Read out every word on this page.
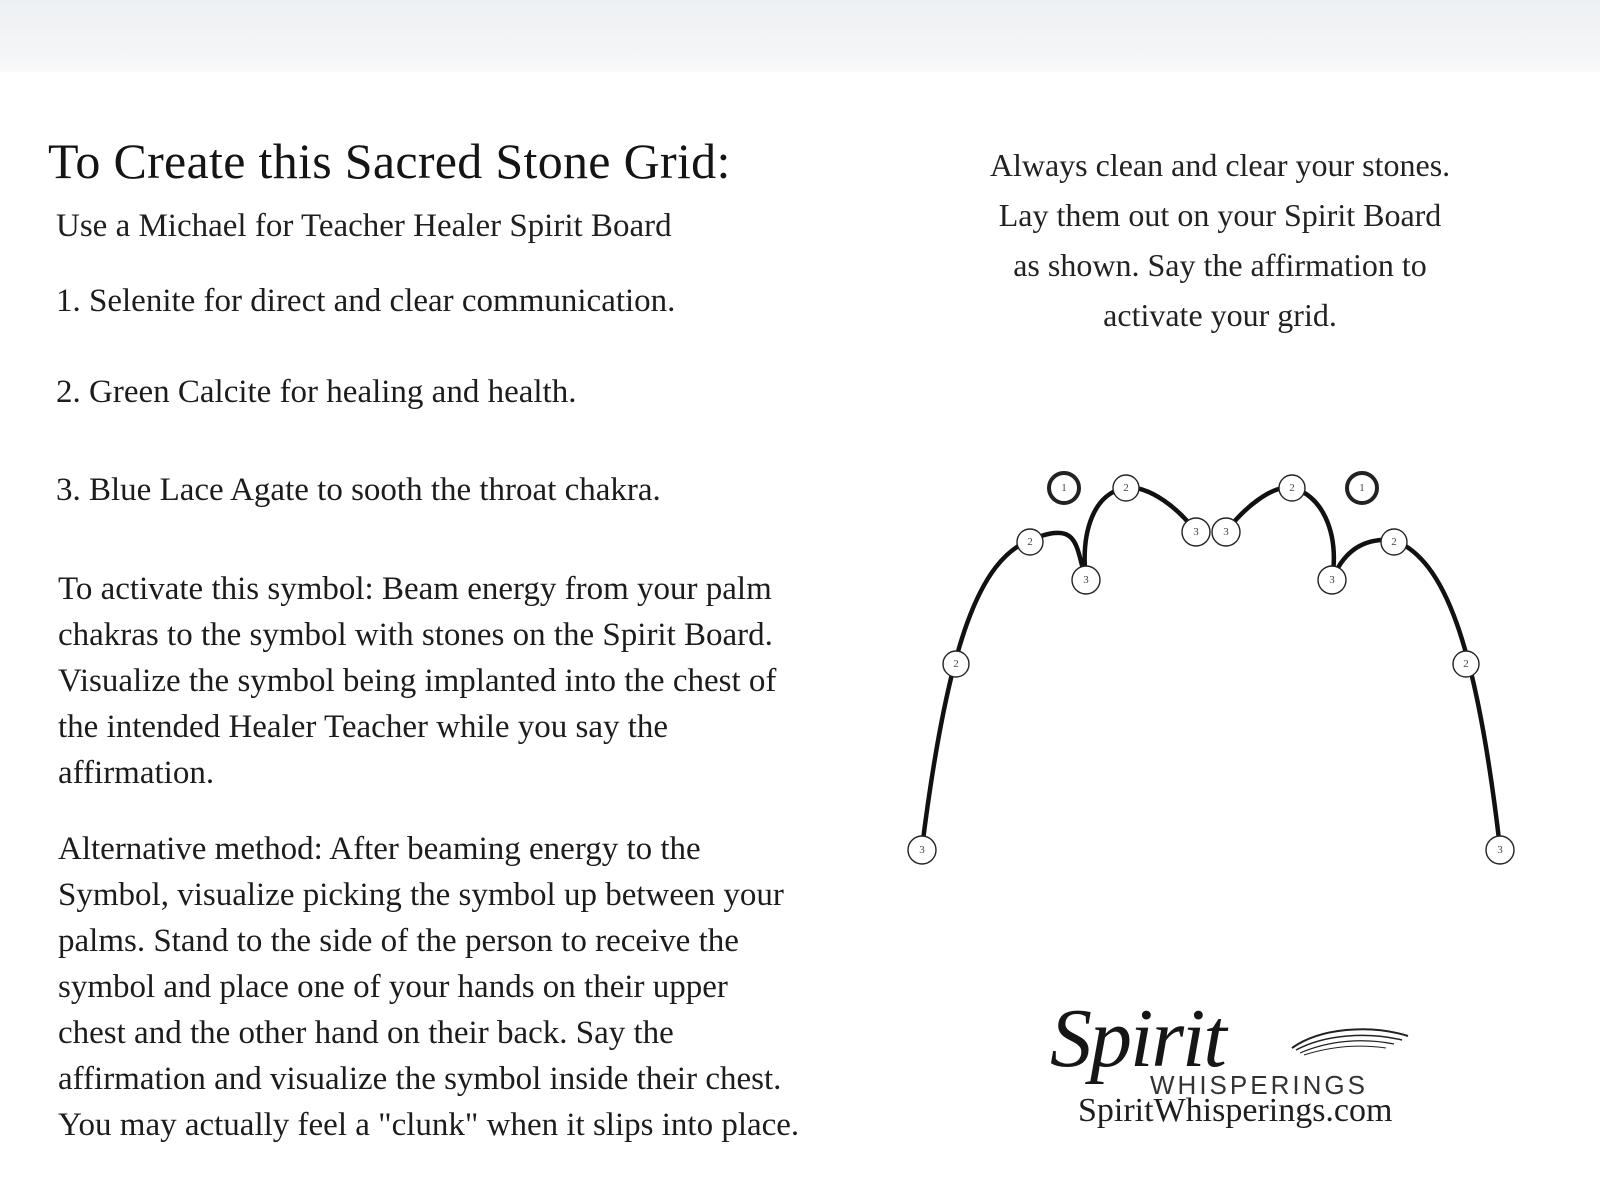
To Create this Sacred Stone Grid:

Use a Michael for Teacher Healer Spirit Board

1. Selenite for direct and clear communication.

2. Green Calcite for healing and health.

3. Blue Lace Agate to sooth the throat chakra.

To activate this symbol: Beam energy from your palm
chakras to the symbol with stones on the Spirit Board.
Visualize the symbol being implanted into the chest of
the intended Healer Teacher while you say the
affirmation.

Alternative method: After beaming energy to the
Symbol, visualize picking the symbol up between your
palms. Stand to the side of the person to receive the
symbol and place one of your hands on their upper
chest and the other hand on their back. Say the
affirmation and visualize the symbol inside their chest.
You may actually feel a "clunk" when it slips into place.

Always clean and clear your stones.
Lay them out on your Spirit Board
as shown. Say the affirmation to
activate your grid.

1	1
2
2	2
2
2	2
3
3 3
3
3	3

Spirit

WHISPERINGS

SpiritWhisperings.com
